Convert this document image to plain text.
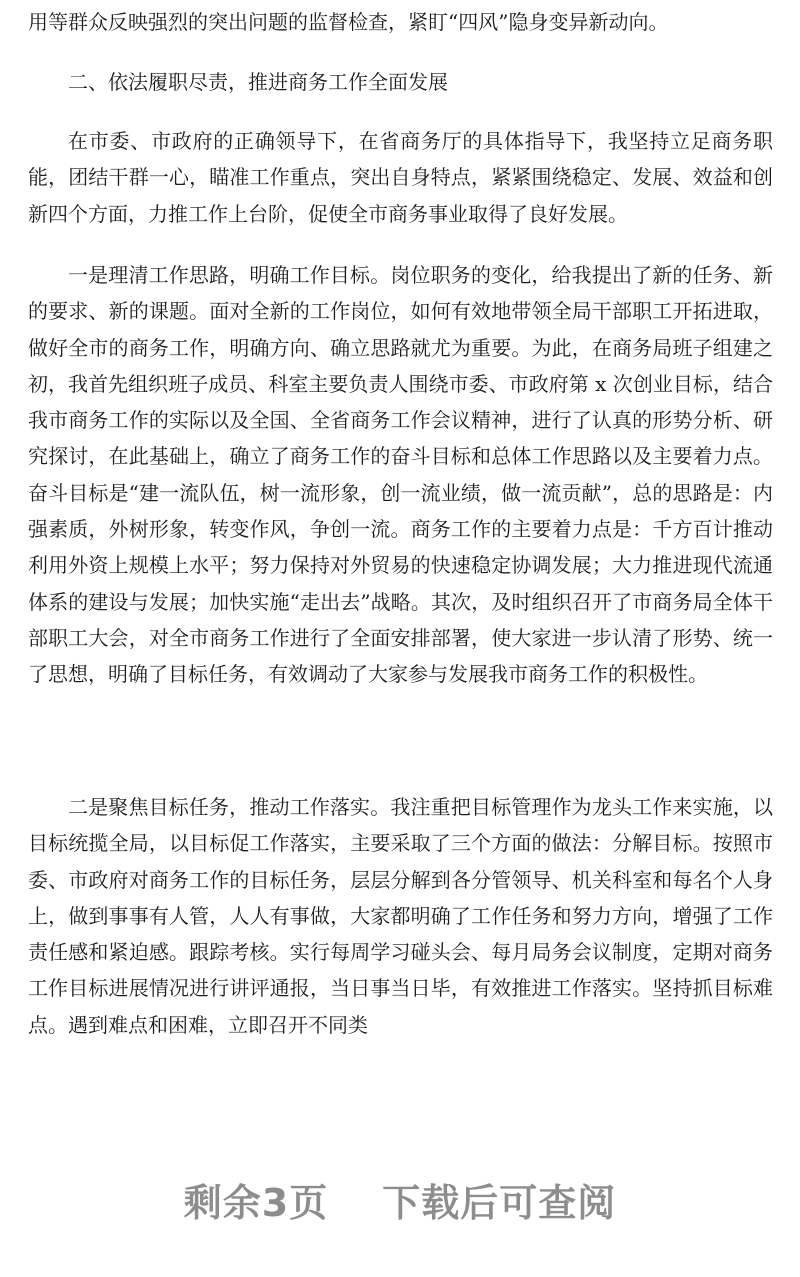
用等群众反映强烈的突出问题的监督检查，紧盯“四风”隐身变异新动向。

二、依法履职尽责，推进商务工作全面发展

在市委、市政府的正确领导下，在省商务厅的具体指导下，我坚持立足商务职能，团结干群一心，瞄准工作重点，突出自身特点，紧紧围绕稳定、发展、效益和创新四个方面，力推工作上台阶，促使全市商务事业取得了良好发展。

一是理清工作思路，明确工作目标。岗位职务的变化，给我提出了新的任务、新的要求、新的课题。面对全新的工作岗位，如何有效地带领全局干部职工开拓进取，做好全市的商务工作，明确方向、确立思路就尤为重要。为此，在商务局班子组建之初，我首先组织班子成员、科室主要负责人围绕市委、市政府第 x 次创业目标，结合我市商务工作的实际以及全国、全省商务工作会议精神，进行了认真的形势分析、研究探讨，在此基础上，确立了商务工作的奋斗目标和总体工作思路以及主要着力点。奋斗目标是“建一流队伍，树一流形象，创一流业绩，做一流贡献”，总的思路是：内强素质，外树形象，转变作风，争创一流。商务工作的主要着力点是：千方百计推动利用外资上规模上水平；努力保持对外贸易的快速稳定协调发展；大力推进现代流通体系的建设与发展；加快实施“走出去”战略。其次，及时组织召开了市商务局全体干部职工大会，对全市商务工作进行了全面安排部署，使大家进一步认清了形势、统一了思想，明确了目标任务，有效调动了大家参与发展我市商务工作的积极性。

二是聚焦目标任务，推动工作落实。我注重把目标管理作为龙头工作来实施，以目标统揽全局，以目标促工作落实，主要采取了三个方面的做法：分解目标。按照市委、市政府对商务工作的目标任务，层层分解到各分管领导、机关科室和每名个人身上，做到事事有人管，人人有事做，大家都明确了工作任务和努力方向，增强了工作责任感和紧迫感。跟踪考核。实行每周学习碰头会、每月局务会议制度，定期对商务工作目标进展情况进行讲评通报，当日事当日毕，有效推进工作落实。坚持抓目标难点。遇到难点和困难，立即召开不同类

剩余3页 下载后可查阅
